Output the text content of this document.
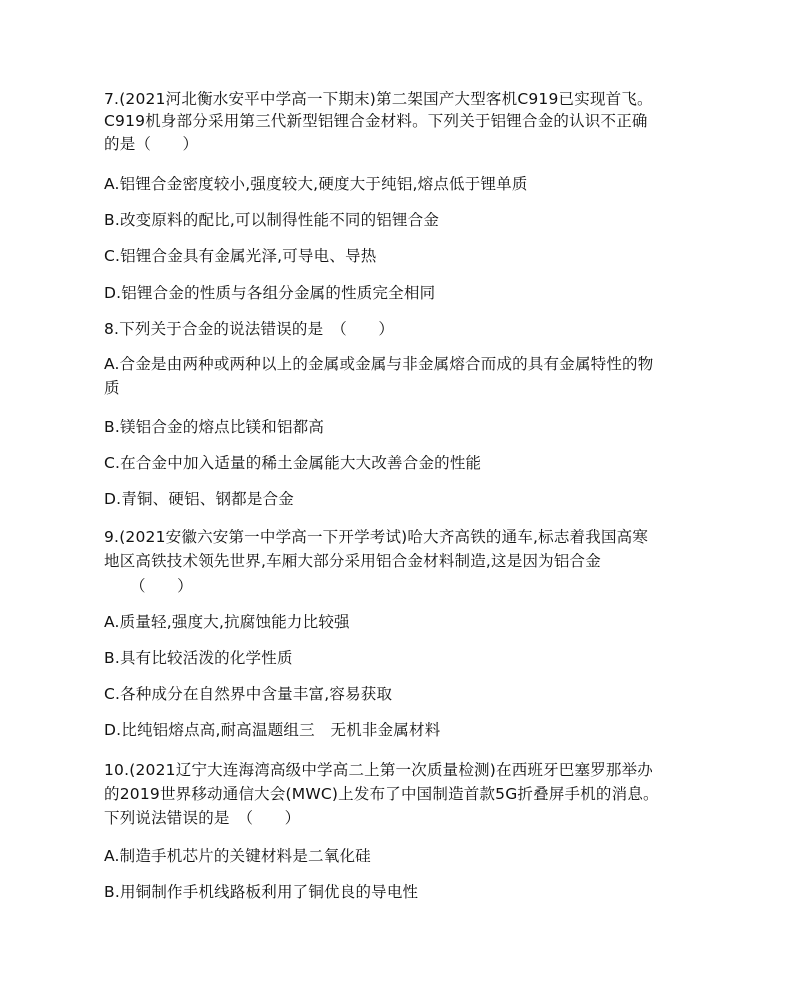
7.(2021河北衡水安平中学高一下期末)第二架国产大型客机C919已实现首飞。
C919机身部分采用第三代新型铝锂合金材料。下列关于铝锂合金的认识不正确
的是（　　）
A.铝锂合金密度较小,强度较大,硬度大于纯铝,熔点低于锂单质
B.改变原料的配比,可以制得性能不同的铝锂合金
C.铝锂合金具有金属光泽,可导电、导热
D.铝锂合金的性质与各组分金属的性质完全相同
8.下列关于合金的说法错误的是　（　　）
A.合金是由两种或两种以上的金属或金属与非金属熔合而成的具有金属特性的物
质
B.镁铝合金的熔点比镁和铝都高
C.在合金中加入适量的稀土金属能大大改善合金的性能
D.青铜、硬铝、钢都是合金
9.(2021安徽六安第一中学高一下开学考试)哈大齐高铁的通车,标志着我国高寒
地区高铁技术领先世界,车厢大部分采用铝合金材料制造,这是因为铝合金
（　　）
A.质量轻,强度大,抗腐蚀能力比较强
B.具有比较活泼的化学性质
C.各种成分在自然界中含量丰富,容易获取
D.比纯铝熔点高,耐高温题组三　无机非金属材料
10.(2021辽宁大连海湾高级中学高二上第一次质量检测)在西班牙巴塞罗那举办
的2019世界移动通信大会(MWC)上发布了中国制造首款5G折叠屏手机的消息。
下列说法错误的是　（　　）
A.制造手机芯片的关键材料是二氧化硅
B.用铜制作手机线路板利用了铜优良的导电性
